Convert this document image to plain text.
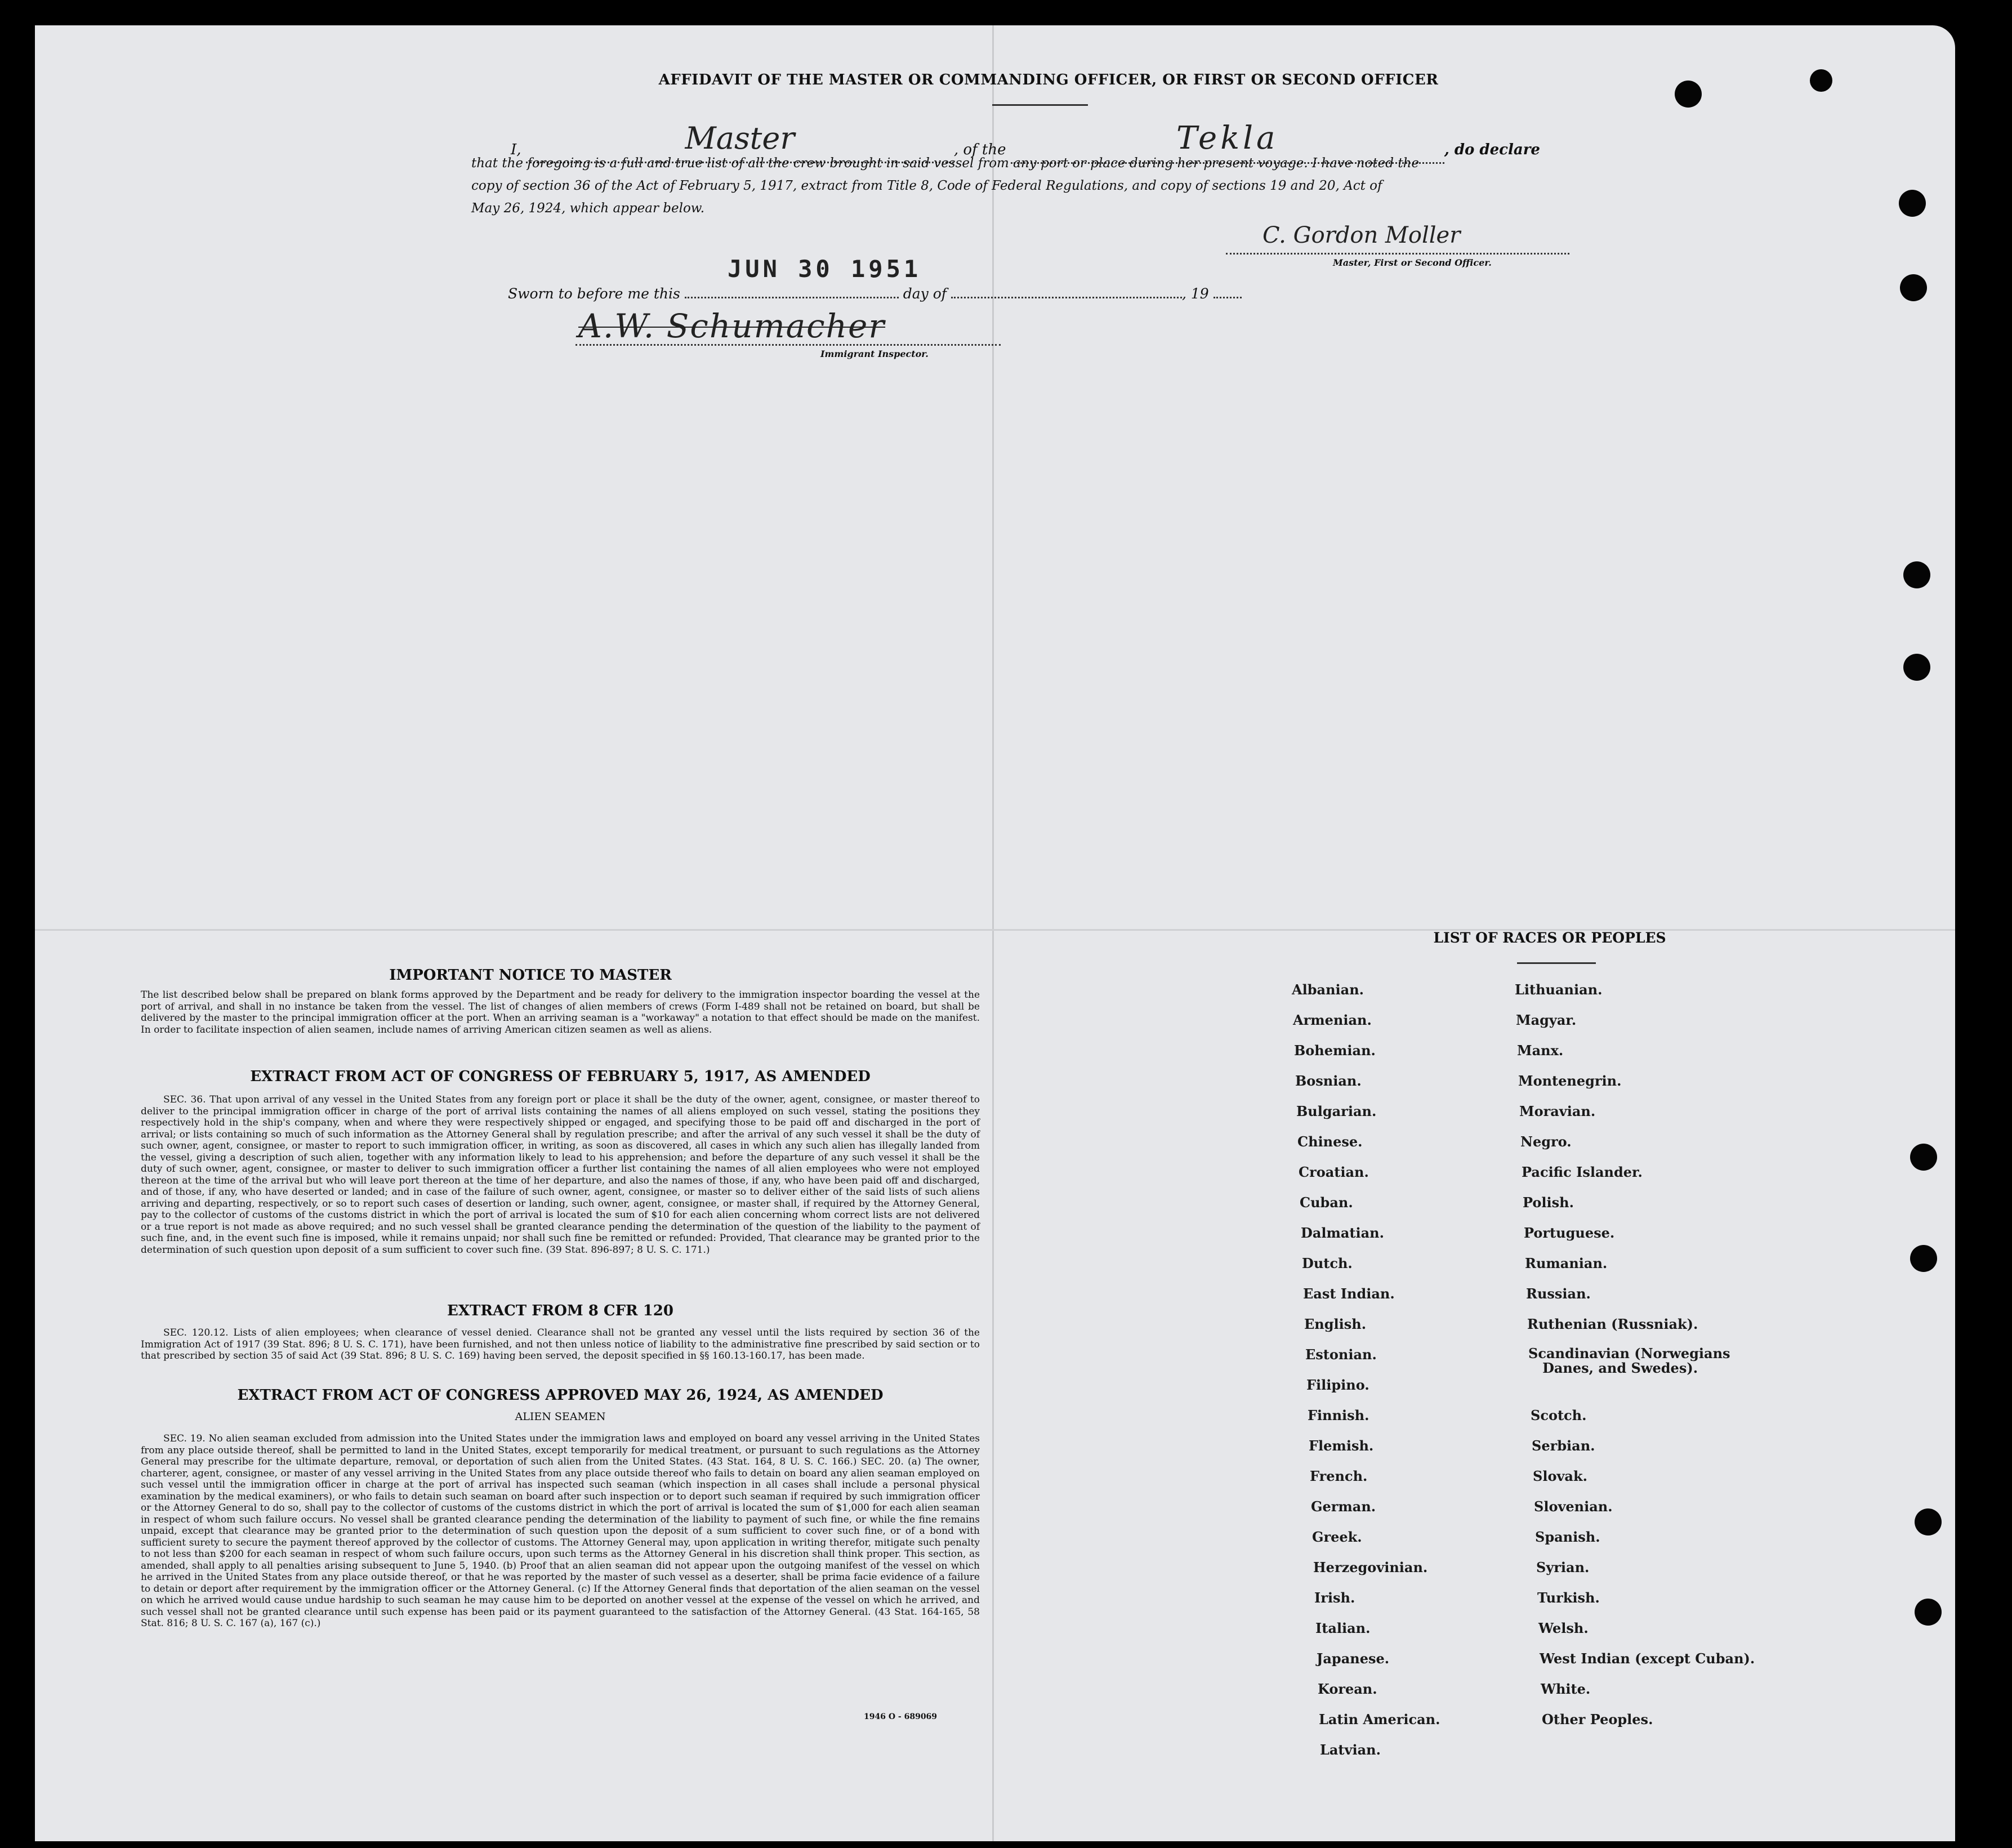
AFFIDAVIT OF THE MASTER OR COMMANDING OFFICER, OR FIRST OR SECOND OFFICER
I,	Master	, of the	Tekla	, do declare
that the foregoing is a full and true list of all the crew brought in said vessel from any port or place during her present voyage. I have noted the
copy of section 36 of the Act of February 5, 1917, extract from Title 8, Code of Federal Regulations, and copy of sections 19 and 20, Act of
May 26, 1924, which appear below.
C. Gordon Moller
Master, First or Second Officer.
JUN 30 1951
Sworn to before me this	day of	, 19
A.W. Schumacher
Immigrant Inspector.
IMPORTANT NOTICE TO MASTER
The list described below shall be prepared on blank forms approved by the Department and be ready for delivery to the immigration inspector boarding the vessel at the port of arrival, and shall in no instance be taken from the vessel. The list of changes of alien members of crews (Form I-489 shall not be retained on board, but shall be delivered by the master to the principal immigration officer at the port. When an arriving seaman is a "workaway" a notation to that effect should be made on the manifest. In order to facilitate inspection of alien seamen, include names of arriving American citizen seamen as well as aliens.
EXTRACT FROM ACT OF CONGRESS OF FEBRUARY 5, 1917, AS AMENDED
SEC. 36. That upon arrival of any vessel in the United States from any foreign port or place it shall be the duty of the owner, agent, consignee, or master thereof to deliver to the principal immigration officer in charge of the port of arrival lists containing the names of all aliens employed on such vessel, stating the positions they respectively hold in the ship's company, when and where they were respectively shipped or engaged, and specifying those to be paid off and discharged in the port of arrival; or lists containing so much of such information as the Attorney General shall by regulation prescribe; and after the arrival of any such vessel it shall be the duty of such owner, agent, consignee, or master to report to such immigration officer, in writing, as soon as discovered, all cases in which any such alien has illegally landed from the vessel, giving a description of such alien, together with any information likely to lead to his apprehension; and before the departure of any such vessel it shall be the duty of such owner, agent, consignee, or master to deliver to such immigration officer a further list containing the names of all alien employees who were not employed thereon at the time of the arrival but who will leave port thereon at the time of her departure, and also the names of those, if any, who have been paid off and discharged, and of those, if any, who have deserted or landed; and in case of the failure of such owner, agent, consignee, or master so to deliver either of the said lists of such aliens arriving and departing, respectively, or so to report such cases of desertion or landing, such owner, agent, consignee, or master shall, if required by the Attorney General, pay to the collector of customs of the customs district in which the port of arrival is located the sum of $10 for each alien concerning whom correct lists are not delivered or a true report is not made as above required; and no such vessel shall be granted clearance pending the determination of the question of the liability to the payment of such fine, and, in the event such fine is imposed, while it remains unpaid; nor shall such fine be remitted or refunded: Provided, That clearance may be granted prior to the determination of such question upon deposit of a sum sufficient to cover such fine. (39 Stat. 896-897; 8 U. S. C. 171.)
EXTRACT FROM 8 CFR 120
SEC. 120.12. Lists of alien employees; when clearance of vessel denied. Clearance shall not be granted any vessel until the lists required by section 36 of the Immigration Act of 1917 (39 Stat. 896; 8 U. S. C. 171), have been furnished, and not then unless notice of liability to the administrative fine prescribed by said section or to that prescribed by section 35 of said Act (39 Stat. 896; 8 U. S. C. 169) having been served, the deposit specified in §§ 160.13-160.17, has been made.
EXTRACT FROM ACT OF CONGRESS APPROVED MAY 26, 1924, AS AMENDED
ALIEN SEAMEN
SEC. 19. No alien seaman excluded from admission into the United States under the immigration laws and employed on board any vessel arriving in the United States from any place outside thereof, shall be permitted to land in the United States, except temporarily for medical treatment, or pursuant to such regulations as the Attorney General may prescribe for the ultimate departure, removal, or deportation of such alien from the United States. (43 Stat. 164, 8 U. S. C. 166.) SEC. 20. (a) The owner, charterer, agent, consignee, or master of any vessel arriving in the United States from any place outside thereof who fails to detain on board any alien seaman employed on such vessel until the immigration officer in charge at the port of arrival has inspected such seaman (which inspection in all cases shall include a personal physical examination by the medical examiners), or who fails to detain such seaman on board after such inspection or to deport such seaman if required by such immigration officer or the Attorney General to do so, shall pay to the collector of customs of the customs district in which the port of arrival is located the sum of $1,000 for each alien seaman in respect of whom such failure occurs. No vessel shall be granted clearance pending the determination of the liability to payment of such fine, or while the fine remains unpaid, except that clearance may be granted prior to the determination of such question upon the deposit of a sum sufficient to cover such fine, or of a bond with sufficient surety to secure the payment thereof approved by the collector of customs. The Attorney General may, upon application in writing therefor, mitigate such penalty to not less than $200 for each seaman in respect of whom such failure occurs, upon such terms as the Attorney General in his discretion shall think proper. This section, as amended, shall apply to all penalties arising subsequent to June 5, 1940. (b) Proof that an alien seaman did not appear upon the outgoing manifest of the vessel on which he arrived in the United States from any place outside thereof, or that he was reported by the master of such vessel as a deserter, shall be prima facie evidence of a failure to detain or deport after requirement by the immigration officer or the Attorney General. (c) If the Attorney General finds that deportation of the alien seaman on the vessel on which he arrived would cause undue hardship to such seaman he may cause him to be deported on another vessel at the expense of the vessel on which he arrived, and such vessel shall not be granted clearance until such expense has been paid or its payment guaranteed to the satisfaction of the Attorney General. (43 Stat. 164-165, 58 Stat. 816; 8 U. S. C. 167 (a), 167 (c).)
1946 O - 689069
LIST OF RACES OR PEOPLES
Albanian.
Armenian.
Bohemian.
Bosnian.
Bulgarian.
Chinese.
Croatian.
Cuban.
Dalmatian.
Dutch.
East Indian.
English.
Estonian.
Filipino.
Finnish.
Flemish.
French.
German.
Greek.
Herzegovinian.
Irish.
Italian.
Japanese.
Korean.
Latin American.
Latvian.
Lithuanian.
Magyar.
Manx.
Montenegrin.
Moravian.
Negro.
Pacific Islander.
Polish.
Portuguese.
Rumanian.
Russian.
Ruthenian (Russniak).
Scandinavian (Norwegians
Danes, and Swedes).
Scotch.
Serbian.
Slovak.
Slovenian.
Spanish.
Syrian.
Turkish.
Welsh.
West Indian (except Cuban).
White.
Other Peoples.
